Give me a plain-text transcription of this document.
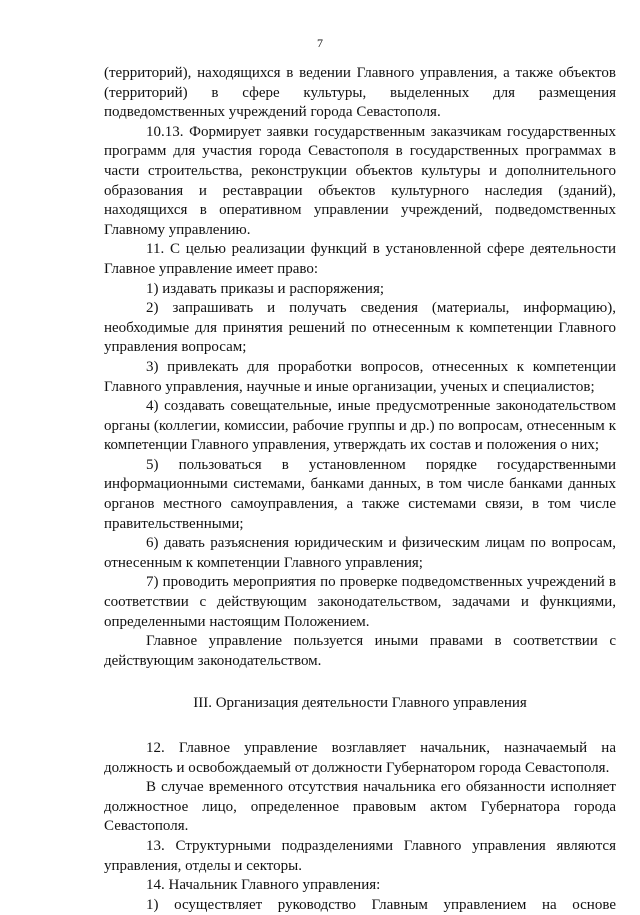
7

(территорий), находящихся в ведении Главного управления, а также объектов (территорий) в сфере культуры, выделенных для размещения подведомственных учреждений города Севастополя.

10.13. Формирует заявки государственным заказчикам государственных программ для участия города Севастополя в государственных программах в части строительства, реконструкции объектов культуры и дополнительного образования и реставрации объектов культурного наследия (зданий), находящихся в оперативном управлении учреждений, подведомственных Главному управлению.

11. С целью реализации функций в установленной сфере деятельности Главное управление имеет право:

1) издавать приказы и распоряжения;

2) запрашивать и получать сведения (материалы, информацию), необходимые для принятия решений по отнесенным к компетенции Главного управления вопросам;

3) привлекать для проработки вопросов, отнесенных к компетенции Главного управления, научные и иные организации, ученых и специалистов;

4) создавать совещательные, иные предусмотренные законодательством органы (коллегии, комиссии, рабочие группы и др.) по вопросам, отнесенным к компетенции Главного управления, утверждать их состав и положения о них;

5) пользоваться в установленном порядке государственными информационными системами, банками данных, в том числе банками данных органов местного самоуправления, а также системами связи, в том числе правительственными;

6) давать разъяснения юридическим и физическим лицам по вопросам, отнесенным к компетенции Главного управления;

7) проводить мероприятия по проверке подведомственных учреждений в соответствии с действующим законодательством, задачами и функциями, определенными настоящим Положением.

Главное управление пользуется иными правами в соответствии с действующим законодательством.

III. Организация деятельности Главного управления

12. Главное управление возглавляет начальник, назначаемый на должность и освобождаемый от должности Губернатором города Севастополя.

В случае временного отсутствия начальника его обязанности исполняет должностное лицо, определенное правовым актом Губернатора города Севастополя.

13. Структурными подразделениями Главного управления являются управления, отделы и секторы.

14. Начальник Главного управления:

1) осуществляет руководство Главным управлением на основе
